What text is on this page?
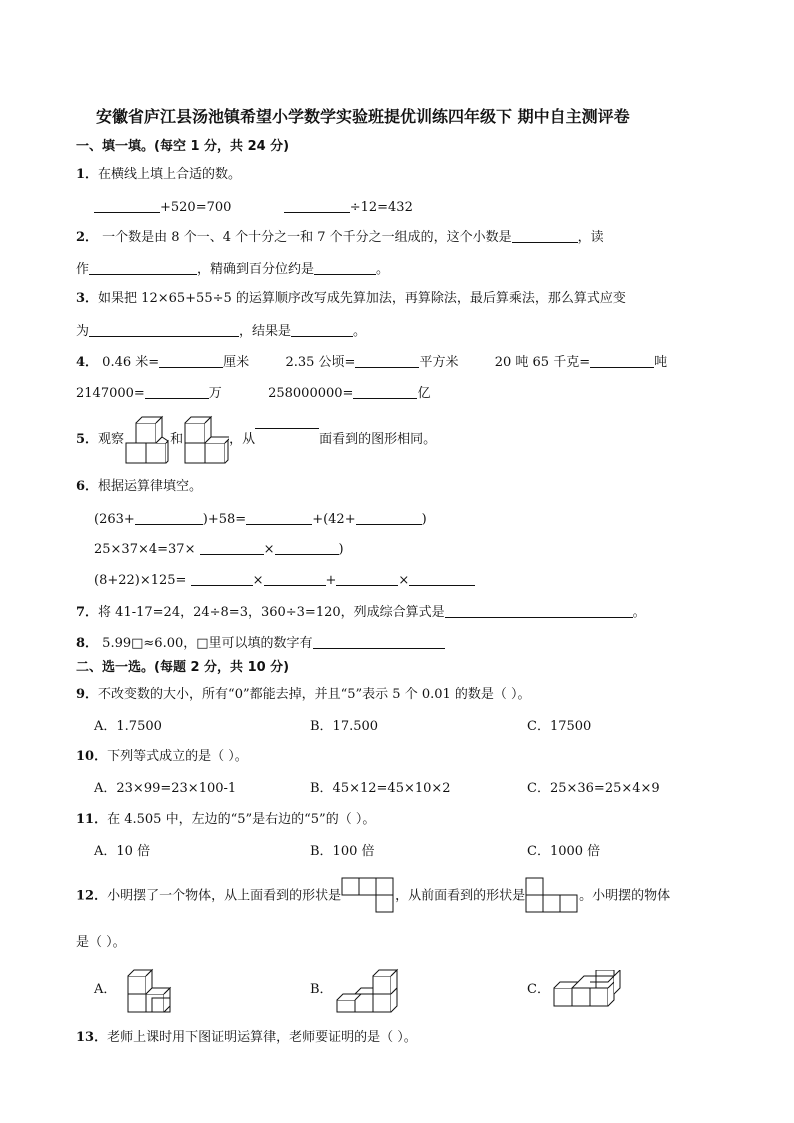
安徽省庐江县汤池镇希望小学数学实验班提优训练四年级下 期中自主测评卷
一、填一填。(每空 1 分，共 24 分)
1．在横线上填上合适的数。
+520=700	÷12=432
2． 一个数是由 8 个一、4 个十分之一和 7 个千分之一组成的，这个小数是	，读
作	，精确到百分位约是	。
3．如果把 12×65+55÷5 的运算顺序改写成先算加法，再算除法，最后算乘法，那么算式应变
为	，结果是	。
4． 0.46 米=	厘米	2.35 公顷=	平方米	20 吨 65 千克=	吨
2147000=	万	258000000=	亿
5．观察	和	，从	面看到的图形相同。
6．根据运算律填空。
(263+	)+58=	+(42+	)
25×37×4=37×	×	)
(8+22)×125=	×	+	×
7．将 41-17=24，24÷8=3，360÷3=120，列成综合算式是	。
8． 5.99□≈6.00，□里可以填的数字有
二、选一选。(每题 2 分，共 10 分)
9．不改变数的大小，所有“0”都能去掉，并且“5”表示 5 个 0.01 的数是（ ）。
A．1.7500	B．17.500	C．17500
10．下列等式成立的是（ ）。
A．23×99=23×100-1	B．45×12=45×10×2	C．25×36=25×4×9
11．在 4.505 中，左边的“5”是右边的“5”的（ ）。
A．10 倍	B．100 倍	C．1000 倍
12．小明摆了一个物体，从上面看到的形状是	，从前面看到的形状是	。小明摆的物体
是（ ）。
A．	B．	C．
13．老师上课时用下图证明运算律，老师要证明的是（ ）。
